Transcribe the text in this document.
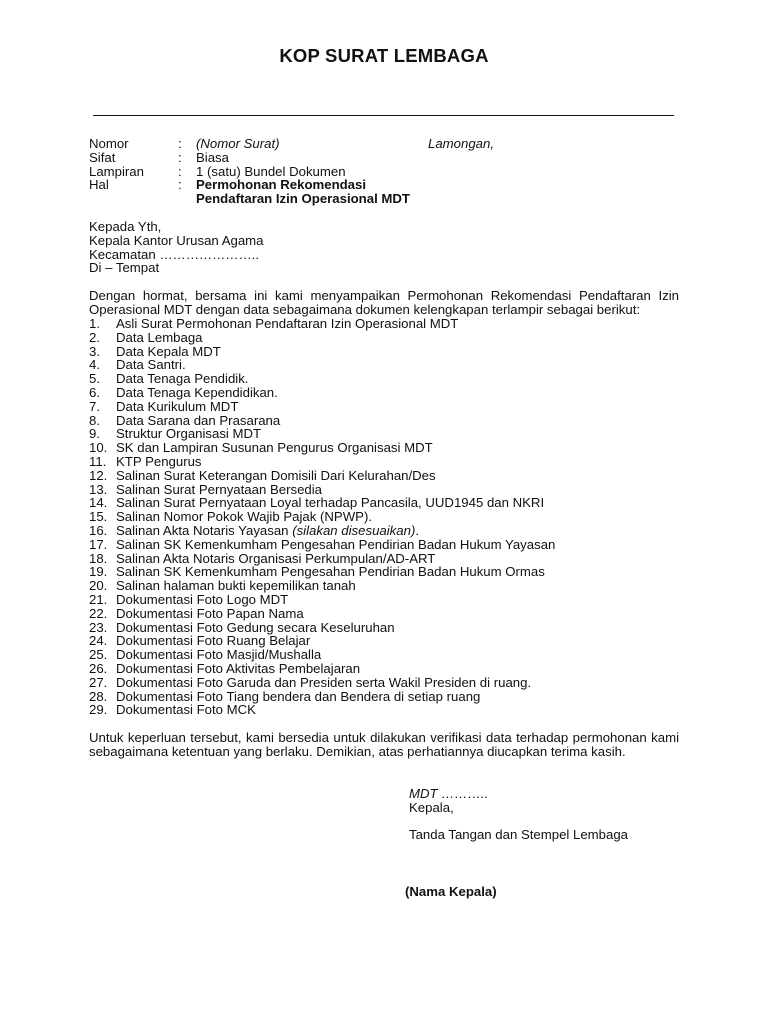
KOP SURAT LEMBAGA
Nomor	: (Nomor Surat)	Lamongan,
Sifat	: Biasa
Lampiran	: 1 (satu) Bundel Dokumen
Hal	: Permohonan Rekomendasi
Pendaftaran Izin Operasional MDT
Kepada Yth,
Kepala Kantor Urusan Agama
Kecamatan …………………..
Di – Tempat
Dengan hormat, bersama ini kami menyampaikan Permohonan Rekomendasi Pendaftaran Izin Operasional MDT dengan data sebagaimana dokumen kelengkapan terlampir sebagai berikut:
1. Asli Surat Permohonan Pendaftaran Izin Operasional MDT
2. Data Lembaga
3. Data Kepala MDT
4. Data Santri.
5. Data Tenaga Pendidik.
6. Data Tenaga Kependidikan.
7. Data Kurikulum MDT
8. Data Sarana dan Prasarana
9. Struktur Organisasi MDT
10. SK dan Lampiran Susunan Pengurus Organisasi MDT
11. KTP Pengurus
12. Salinan Surat Keterangan Domisili Dari Kelurahan/Des
13. Salinan Surat Pernyataan Bersedia
14. Salinan Surat Pernyataan Loyal terhadap Pancasila, UUD1945 dan NKRI
15. Salinan Nomor Pokok Wajib Pajak (NPWP).
16. Salinan Akta Notaris Yayasan (silakan disesuaikan).
17. Salinan SK Kemenkumham Pengesahan Pendirian Badan Hukum Yayasan
18. Salinan Akta Notaris Organisasi Perkumpulan/AD-ART
19. Salinan SK Kemenkumham Pengesahan Pendirian Badan Hukum Ormas
20. Salinan halaman bukti kepemilikan tanah
21. Dokumentasi Foto Logo MDT
22. Dokumentasi Foto Papan Nama
23. Dokumentasi Foto Gedung secara Keseluruhan
24. Dokumentasi Foto Ruang Belajar
25. Dokumentasi Foto Masjid/Mushalla
26. Dokumentasi Foto Aktivitas Pembelajaran
27. Dokumentasi Foto Garuda dan Presiden serta Wakil Presiden di ruang.
28. Dokumentasi Foto Tiang bendera dan Bendera di setiap ruang
29. Dokumentasi Foto MCK
Untuk keperluan tersebut, kami bersedia untuk dilakukan verifikasi data terhadap permohonan kami sebagaimana ketentuan yang berlaku. Demikian, atas perhatiannya diucapkan terima kasih.
MDT ………..
Kepala,
Tanda Tangan dan Stempel Lembaga
(Nama Kepala)
